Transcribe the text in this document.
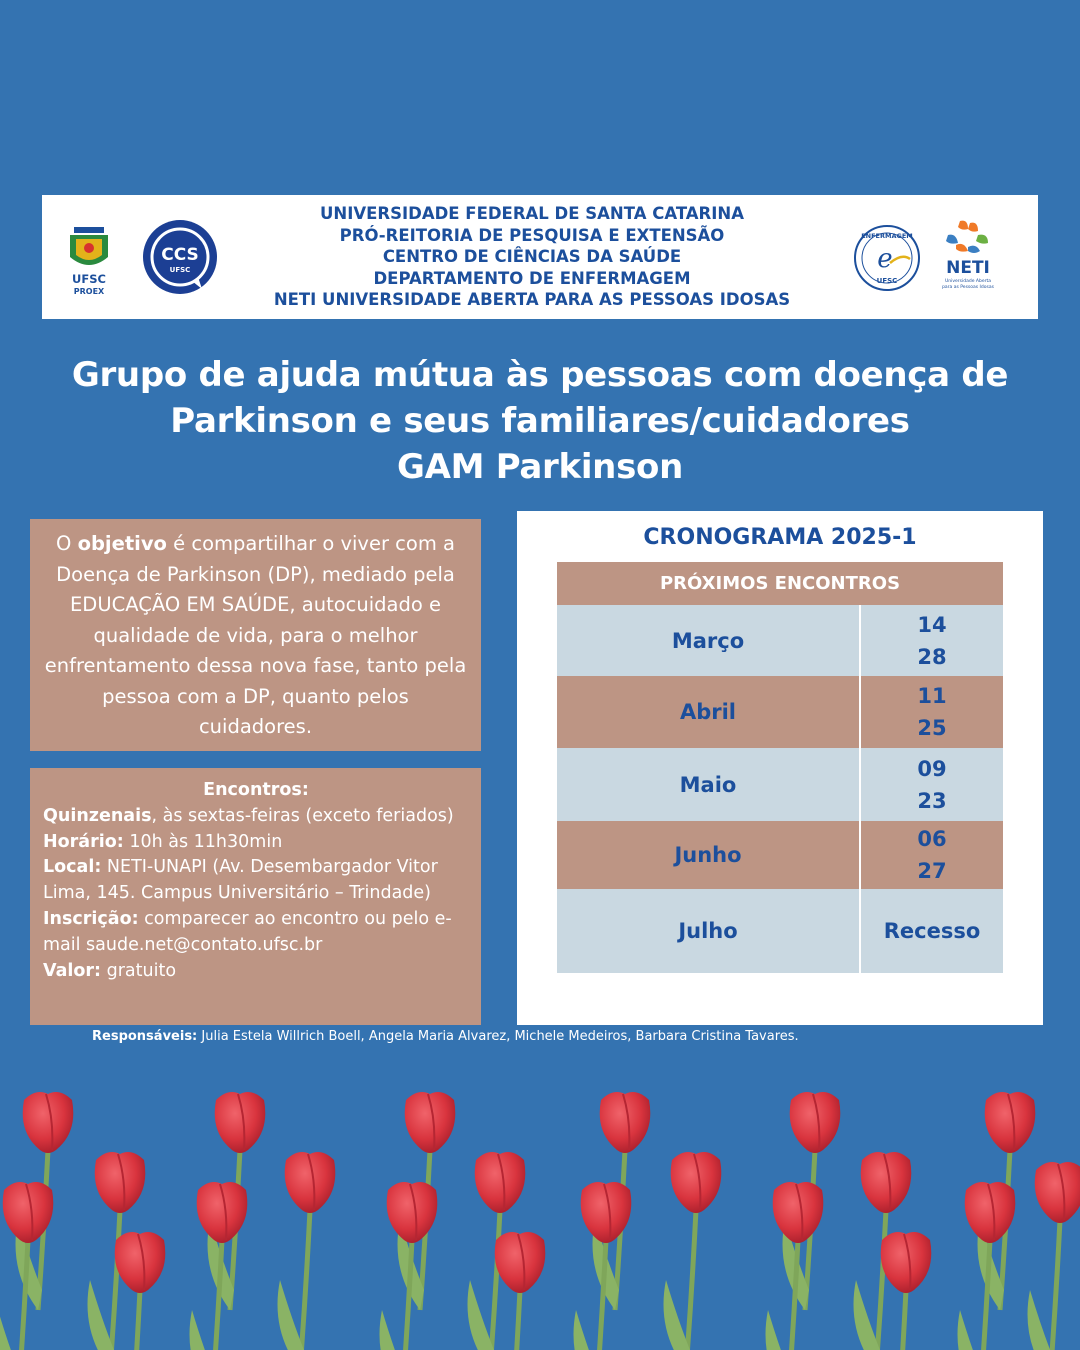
UFSC
PROEX
CCS
UFSC
UNIVERSIDADE FEDERAL DE SANTA CATARINA
PRÓ-REITORIA DE PESQUISA E EXTENSÃO
CENTRO DE CIÊNCIAS DA SAÚDE
DEPARTAMENTO DE ENFERMAGEM
NETI UNIVERSIDADE ABERTA PARA AS PESSOAS IDOSAS
ENFERMAGEM
e
UFSC
NETI
Universidade Aberta
para as Pessoas Idosas
Grupo de ajuda mútua às pessoas com doença de
Parkinson e seus familiares/cuidadores
GAM Parkinson
O objetivo é compartilhar o viver com a Doença de Parkinson (DP), mediado pela EDUCAÇÃO EM SAÚDE, autocuidado e qualidade de vida, para o melhor enfrentamento dessa nova fase, tanto pela pessoa com a DP, quanto pelos cuidadores.
Encontros:
Quinzenais, às sextas-feiras (exceto feriados)
Horário: 10h às 11h30min
Local: NETI-UNAPI (Av. Desembargador Vitor Lima, 145. Campus Universitário – Trindade)
Inscrição: comparecer ao encontro ou pelo e-mail saude.net@contato.ufsc.br
Valor: gratuito
CRONOGRAMA 2025-1
PRÓXIMOS ENCONTROS
Março
14
28
Abril
11
25
Maio
09
23
Junho
06
27
Julho	Recesso
Responsáveis: Julia Estela Willrich Boell, Angela Maria Alvarez, Michele Medeiros, Barbara Cristina Tavares.
